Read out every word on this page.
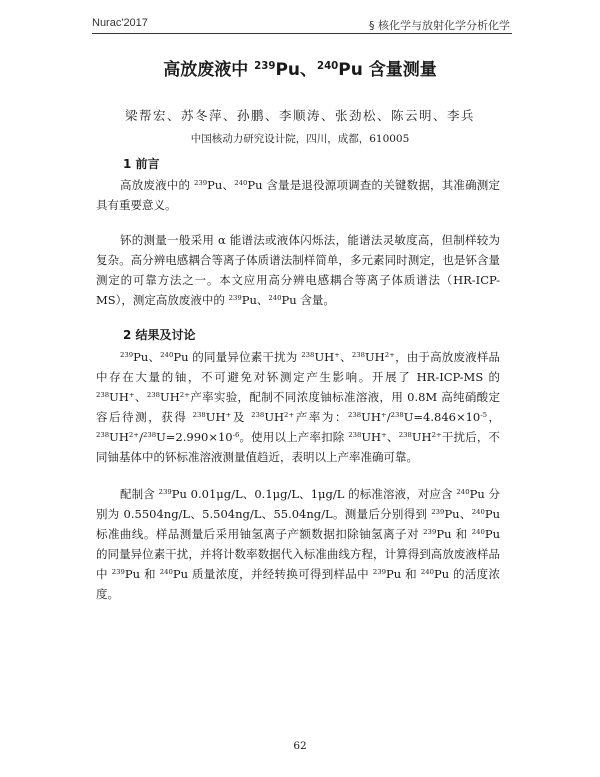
Nurac'2017	§ 核化学与放射化学分析化学
高放废液中 $^{239}$Pu、$^{240}$Pu 含量测量
梁帮宏、苏冬萍、孙鹏、李顺涛、张劲松、陈云明、李兵
中国核动力研究设计院，四川，成都，610005
1 前言

高放废液中的 $^{239}$Pu、$^{240}$Pu 含量是退役源项调查的关键数据，其准确测定具有重要意义。

钚的测量一般采用 α 能谱法或液体闪烁法，能谱法灵敏度高，但制样较为复杂。高分辨电感耦合等离子体质谱法制样简单，多元素同时测定，也是钚含量测定的可靠方法之一。本文应用高分辨电感耦合等离子体质谱法（HR-ICP-MS），测定高放废液中的 $^{239}$Pu、$^{240}$Pu 含量。

2 结果及讨论

$^{239}$Pu、$^{240}$Pu 的同量异位素干扰为 $^{238}$UH+、$^{238}UH^{2+}$，由于高放废液样品中存在大量的铀，不可避免对钚测定产生影响。开展了 HR-ICP-MS 的 $^{238}$UH+、$^{238}UH^{2+}$产率实验，配制不同浓度铀标准溶液，用 0.8M 高纯硝酸定容后待测，获得 $^{238}$UH+及 $^{238}UH^{2+}$产率为：$^{238}UH^+/^{238}U=4.846\times 10^{-5}$，$^{238}UH^{2+}/^{238}U=2.990\times 10^{-6}$。使用以上产率扣除 $^{238}$UH+、$^{238}UH^{2+}$干扰后，不同铀基体中的钚标准溶液测量值趋近，表明以上产率准确可靠。

配制含 $^{239}$Pu 0.01μg/L、0.1μg/L、1μg/L 的标准溶液，对应含 $^{240}$Pu 分别为 0.5504ng/L、5.504ng/L、55.04ng/L。测量后分别得到 $^{239}$Pu、$^{240}$Pu 标准曲线。样品测量后采用铀氢离子产额数据扣除铀氢离子对 $^{239}$Pu 和 $^{240}$Pu 的同量异位素干扰，并将计数率数据代入标准曲线方程，计算得到高放废液样品中 $^{239}$Pu 和 $^{240}$Pu 质量浓度，并经转换可得到样品中 $^{239}$Pu 和 $^{240}$Pu 的活度浓度。

62
